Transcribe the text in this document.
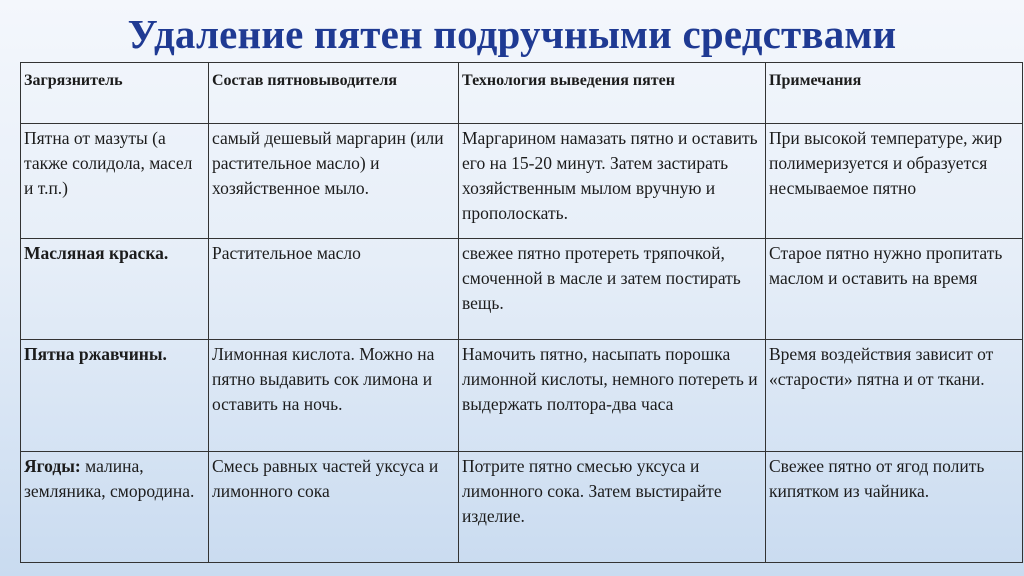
Удаление пятен подручными средствами
Загрязнитель	Состав пятновыводителя	Технология выведения пятен	Примечания
Пятна от мазуты (а также солидола, масел и т.п.)	самый дешевый маргарин (или растительное масло) и хозяйственное мыло.	Маргарином намазать пятно и оставить его на 15-20 минут. Затем застирать хозяйственным мылом вручную и прополоскать.	При высокой температуре, жир полимеризуется и образуется несмываемое пятно
Масляная краска.	Растительное масло	свежее пятно протереть тряпочкой, смоченной в масле и затем постирать вещь.	Старое пятно нужно пропитать маслом и оставить на время
Пятна ржавчины.	Лимонная кислота. Можно на пятно выдавить сок лимона и оставить на ночь.	Намочить пятно, насыпать порошка лимонной кислоты, немного потереть и выдержать полтора-два часа	Время воздействия зависит от «старости» пятна и от ткани.
Ягоды: малина, земляника, смородина.	Смесь равных частей уксуса и лимонного сока	Потрите пятно смесью уксуса и лимонного сока. Затем выстирайте изделие.	Свежее пятно от ягод полить кипятком из чайника.
